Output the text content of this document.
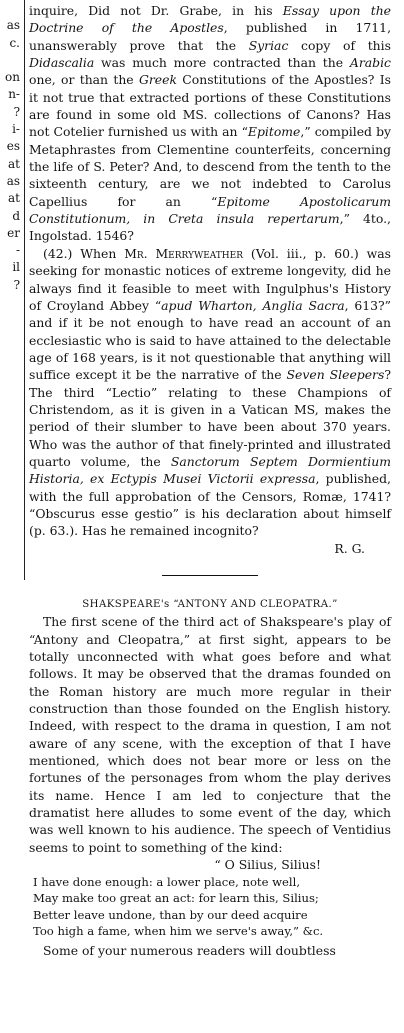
as
c.
on
n-
?
i-
es
at
as
at
d
er
-
il
?

inquire, Did not Dr. Grabe, in his Essay upon the Doctrine of the Apostles, published in 1711, unanswerably prove that the Syriac copy of this Didascalia was much more contracted than the Arabic one, or than the Greek Constitutions of the Apostles? Is it not true that extracted portions of these Constitutions are found in some old MS. collections of Canons? Has not Cotelier furnished us with an “Epitome,” compiled by Metaphrastes from Clementine counterfeits, concerning the life of S. Peter? And, to descend from the tenth to the sixteenth century, are we not indebted to Carolus Capellius for an “Epitome Apostolicarum Constitutionum, in Creta insula repertarum,” 4to., Ingolstad. 1546?

(42.) When Mr. Merryweather (Vol. iii., p. 60.) was seeking for monastic notices of extreme longevity, did he always find it feasible to meet with Ingulphus's History of Croyland Abbey “apud Wharton, Anglia Sacra, 613?” and if it be not enough to have read an account of an ecclesiastic who is said to have attained to the delectable age of 168 years, is it not questionable that anything will suffice except it be the narrative of the Seven Sleepers? The third “Lectio” relating to these Champions of Christendom, as it is given in a Vatican MS, makes the period of their slumber to have been about 370 years. Who was the author of that finely-printed and illustrated quarto volume, the Sanctorum Septem Dormientium Historia, ex Ectypis Musei Victorii expressa, published, with the full approbation of the Censors, Romæ, 1741? “Obscurus esse gestio” is his declaration about himself (p. 63.). Has he remained incognito?

R. G.

SHAKSPEARE's “ANTONY AND CLEOPATRA.”

The first scene of the third act of Shakspeare's play of “Antony and Cleopatra,” at first sight, appears to be totally unconnected with what goes before and what follows. It may be observed that the dramas founded on the Roman history are much more regular in their construction than those founded on the English history. Indeed, with respect to the drama in question, I am not aware of any scene, with the exception of that I have mentioned, which does not bear more or less on the fortunes of the personages from whom the play derives its name. Hence I am led to conjecture that the dramatist here alludes to some event of the day, which was well known to his audience. The speech of Ventidius seems to point to something of the kind:

“ O Silius, Silius!

I have done enough: a lower place, note well,
May make too great an act: for learn this, Silius;
Better leave undone, than by our deed acquire
Too high a fame, when him we serve's away,” &c.

Some of your numerous readers will doubtless
